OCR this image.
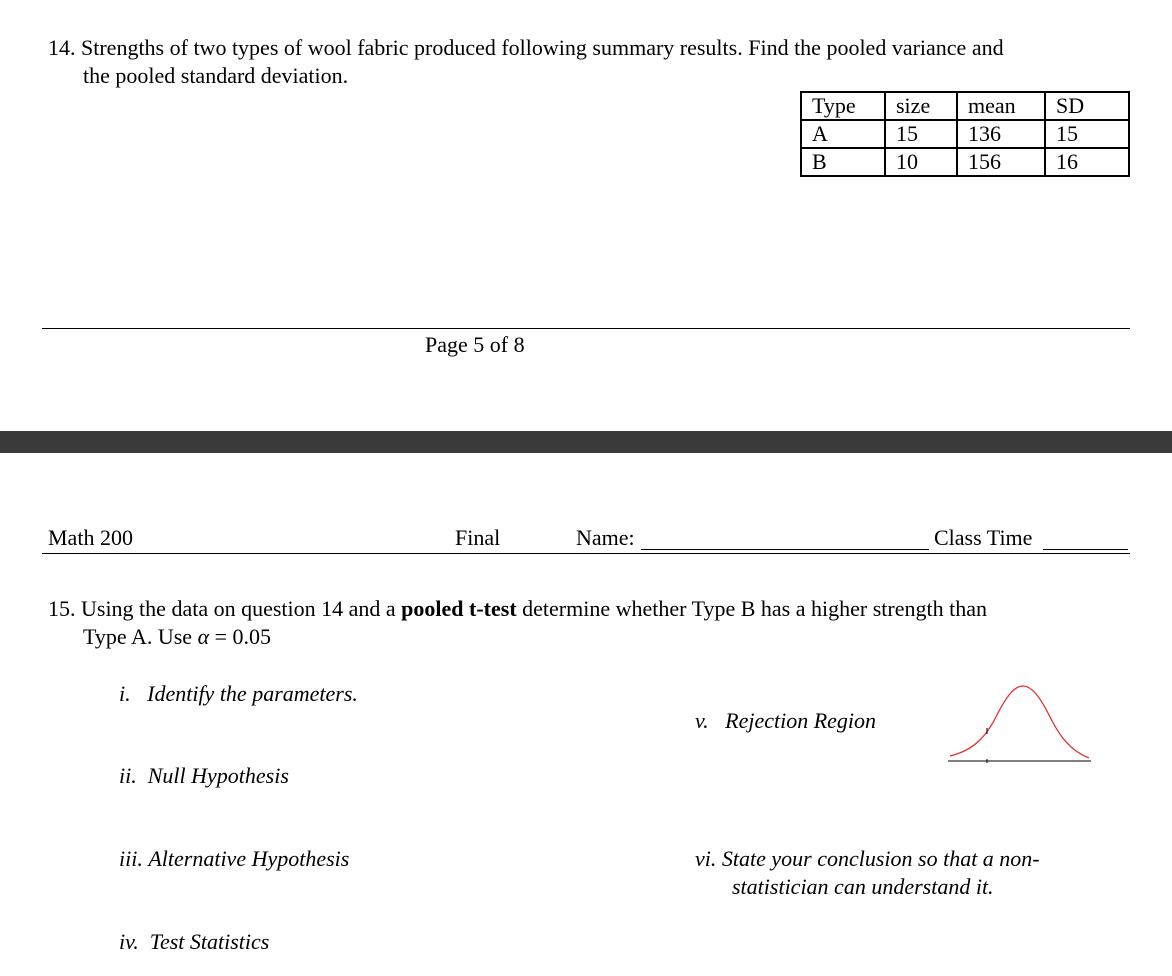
14. Strengths of two types of wool fabric produced following summary results. Find the pooled variance and
the pooled standard deviation.
Type	size	mean	SD
A	15	136	15
B	10	156	16
Page 5 of 8
Math 200	Final	Name:	Class Time
15. Using the data on question 14 and a pooled t-test determine whether Type B has a higher strength than
Type A. Use α = 0.05
i. Identify the parameters.
ii. Null Hypothesis
iii. Alternative Hypothesis
iv. Test Statistics
v. Rejection Region
vi. State your conclusion so that a non-
statistician can understand it.
